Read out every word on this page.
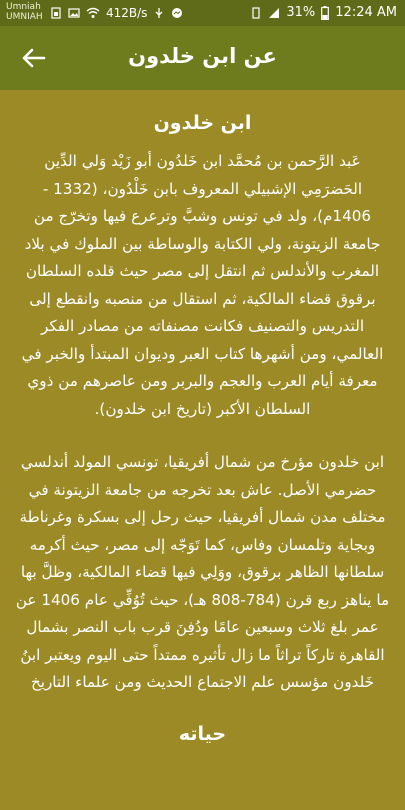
Umniah
UMNIAH	412B/s	31% 12:24 AM
عن ابن خلدون
ابن خلدون

عَبد الرَّحمن بن مُحمَّد ابن خَلدُون أبو زَيْد وَلي الدِّين الحَضرَمِي الإشبيلي المعروف بابن خَلْدُون، (1332 - 1406م)، ولد في تونس وشبَّ وترعرع فيها وتخرّج من جامعة الزيتونة، ولي الكتابة والوساطة بين الملوك في بلاد المغرب والأندلس ثم انتقل إلى مصر حيث قلده السلطان برقوق قضاء المالكية، ثم استقال من منصبه وانقطع إلى التدريس والتصنيف فكانت مصنفاته من مصادر الفكر العالمي، ومن أشهرها كتاب العبر وديوان المبتدأ والخبر في معرفة أيام العرب والعجم والبربر ومن عاصرهم من ذوي السلطان الأكبر (تاريخ ابن خلدون).

ابن خلدون مؤرخ من شمال أفريقيا، تونسي المولد أندلسي حضرمي الأصل. عاش بعد تخرجه من جامعة الزيتونة في مختلف مدن شمال أفريقيا، حيث رحل إلى بسكرة وغرناطة وبجاية وتلمسان وفاس، كما تَوَجّه إلى مصر، حيث أكرمه سلطانها الظاهر برقوق، ووَلِي فيها قضاء المالكية، وظلَّ بها ما يناهز ربع قرن (784-808 هـ)، حيث تُوُفِّي عام 1406 عن عمر بلغ ثلاث وسبعين عامًا ودُفِنَ قرب باب النصر بشمال القاهرة تاركاً تراثاً ما زال تأثيره ممتداً حتى اليوم ويعتبر ابنُ خَلدون مؤسس علم الاجتماع الحديث ومن علماء التاريخ

حياته
